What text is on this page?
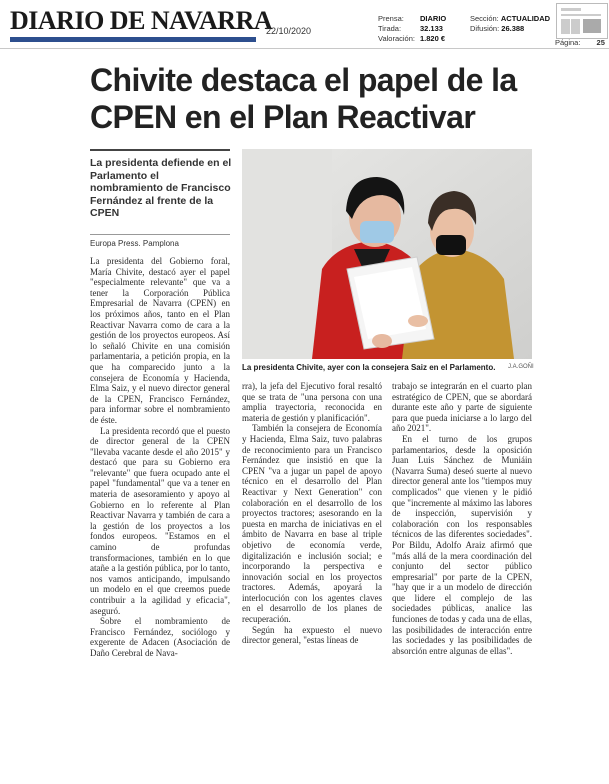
DIARIO DE NAVARRA
22/10/2020
Prensa: DIARIO
Tirada:	32.133
Valoración: 1.820 €
Sección: ACTUALIDAD
Difusión: 26.388
Página: 25
Chivite destaca el papel de la CPEN en el Plan Reactivar
La presidenta defiende en el Parlamento el nombramiento de Francisco Fernández al frente de la CPEN
Europa Press. Pamplona
La presidenta Chivite, ayer con la consejera Saiz en el Parlamento.	J.A.GOÑI

La presidenta del Gobierno foral, María Chivite, destacó ayer el papel "especialmente relevante" que va a tener la Corporación Pública Empresarial de Navarra (CPEN) en los próximos años, tanto en el Plan Reactivar Navarra como de cara a la gestión de los proyectos europeos. Así lo señaló Chivite en una comisión parlamentaria, a petición propia, en la que ha comparecido junto a la consejera de Economía y Hacienda, Elma Saiz, y el nuevo director general de la CPEN, Francisco Fernández, para informar sobre el nombramiento de éste.

La presidenta recordó que el puesto de director general de la CPEN "llevaba vacante desde el año 2015" y destacó que para su Gobierno era "relevante" que fuera ocupado ante el papel "fundamental" que va a tener en materia de asesoramiento y apoyo al Gobierno en lo referente al Plan Reactivar Navarra y también de cara a la gestión de los proyectos a los fondos europeos. "Estamos en el camino de profundas transformaciones, también en lo que atañe a la gestión pública, por lo tanto, nos vamos anticipando, impulsando un modelo en el que creemos puede contribuir a la agilidad y eficacia", aseguró.

Sobre el nombramiento de Francisco Fernández, sociólogo y exgerente de Adacen (Asociación de Daño Cerebral de Nava-

rra), la jefa del Ejecutivo foral resaltó que se trata de "una persona con una amplia trayectoria, reconocida en materia de gestión y planificación".

También la consejera de Economía y Hacienda, Elma Saiz, tuvo palabras de reconocimiento para un Francisco Fernández que insistió en que la CPEN "va a jugar un papel de apoyo técnico en el desarrollo del Plan Reactivar y Next Generation" con colaboración en el desarrollo de los proyectos tractores; asesorando en la puesta en marcha de iniciativas en el ámbito de Navarra en base al triple objetivo de economía verde, digitalización e inclusión social; e incorporando la perspectiva e innovación social en los proyectos tractores. Además, apoyará la interlocución con los agentes claves en el desarrollo de los planes de recuperación.

Según ha expuesto el nuevo director general, "estas líneas de

trabajo se integrarán en el cuarto plan estratégico de CPEN, que se abordará durante este año y parte de siguiente para que pueda iniciarse a lo largo del año 2021".

En el turno de los grupos parlamentarios, desde la oposición Juan Luis Sánchez de Muniáin (Navarra Suma) deseó suerte al nuevo director general ante los "tiempos muy complicados" que vienen y le pidió que "incremente al máximo las labores de inspección, supervisión y colaboración con los responsables técnicos de las diferentes sociedades". Por Bildu, Adolfo Araiz afirmó que "más allá de la mera coordinación del conjunto del sector público empresarial" por parte de la CPEN, "hay que ir a un modelo de dirección que lidere el complejo de las sociedades públicas, analice las funciones de todas y cada una de ellas, las posibilidades de interacción entre las sociedades y las posibilidades de absorción entre algunas de ellas".
